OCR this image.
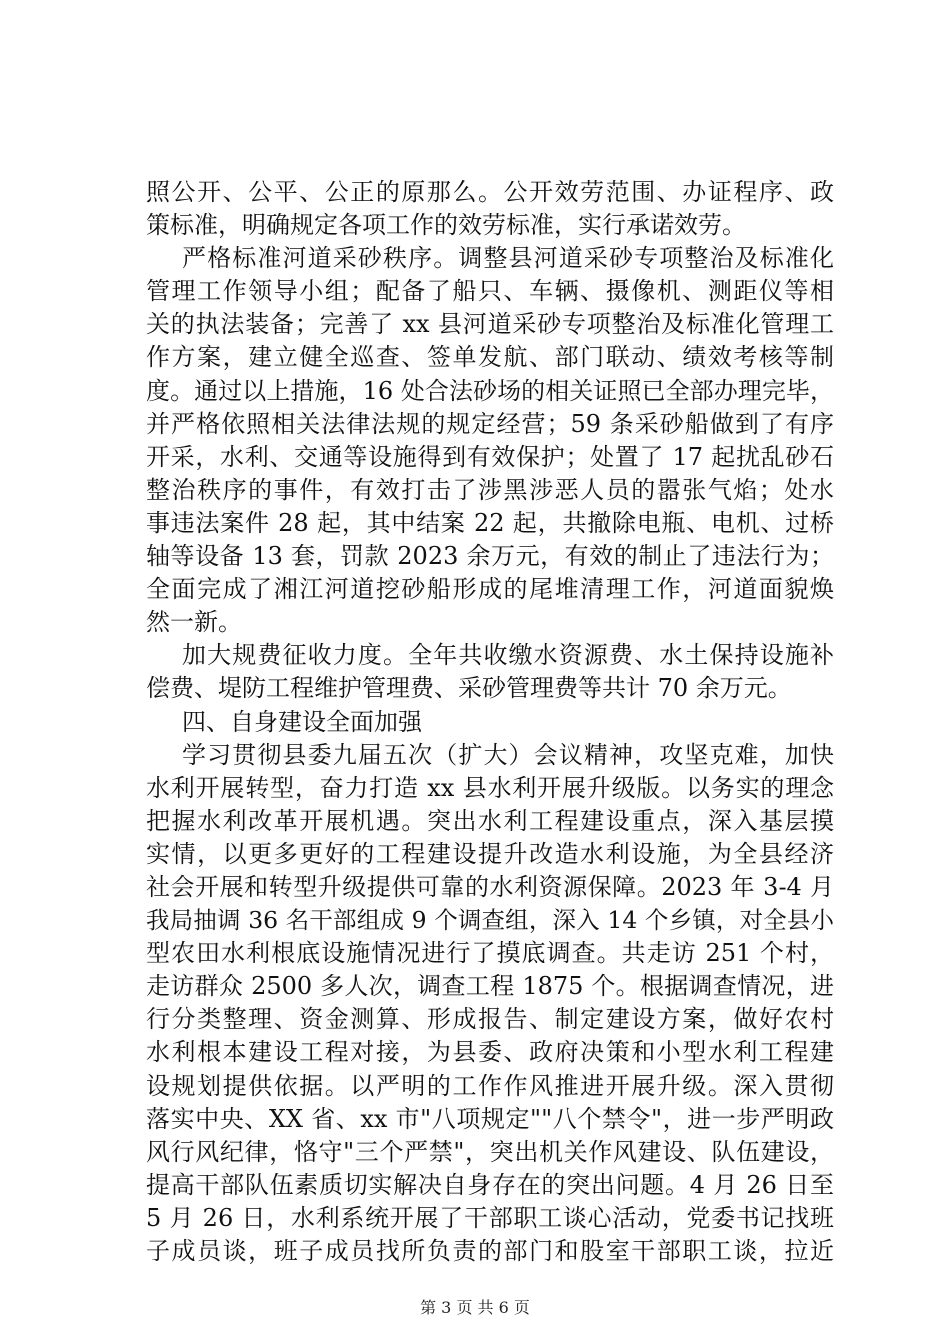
照公开、公平、公正的原那么。公开效劳范围、办证程序、政
策标准，明确规定各项工作的效劳标准，实行承诺效劳。
严格标准河道采砂秩序。调整县河道采砂专项整治及标准化
管理工作领导小组；配备了船只、车辆、摄像机、测距仪等相
关的执法装备；完善了 xx 县河道采砂专项整治及标准化管理工
作方案，建立健全巡查、签单发航、部门联动、绩效考核等制
度。通过以上措施，16 处合法砂场的相关证照已全部办理完毕，
并严格依照相关法律法规的规定经营；59 条采砂船做到了有序
开采，水利、交通等设施得到有效保护；处置了 17 起扰乱砂石
整治秩序的事件，有效打击了涉黑涉恶人员的嚣张气焰；处水
事违法案件 28 起，其中结案 22 起，共撤除电瓶、电机、过桥
轴等设备 13 套，罚款 2023 余万元，有效的制止了违法行为；
全面完成了湘江河道挖砂船形成的尾堆清理工作，河道面貌焕
然一新。
加大规费征收力度。全年共收缴水资源费、水土保持设施补
偿费、堤防工程维护管理费、采砂管理费等共计 70 余万元。
四、自身建设全面加强
学习贯彻县委九届五次（扩大）会议精神，攻坚克难，加快
水利开展转型，奋力打造 xx 县水利开展升级版。以务实的理念
把握水利改革开展机遇。突出水利工程建设重点，深入基层摸
实情，以更多更好的工程建设提升改造水利设施，为全县经济
社会开展和转型升级提供可靠的水利资源保障。2023 年 3-4 月
我局抽调 36 名干部组成 9 个调查组，深入 14 个乡镇，对全县小
型农田水利根底设施情况进行了摸底调查。共走访 251 个村，
走访群众 2500 多人次，调查工程 1875 个。根据调查情况，进
行分类整理、资金测算、形成报告、制定建设方案，做好农村
水利根本建设工程对接，为县委、政府决策和小型水利工程建
设规划提供依据。以严明的工作作风推进开展升级。深入贯彻
落实中央、XX 省、xx 市"八项规定""八个禁令"，进一步严明政
风行风纪律，恪守"三个严禁"，突出机关作风建设、队伍建设，
提高干部队伍素质切实解决自身存在的突出问题。4 月 26 日至
5 月 26 日，水利系统开展了干部职工谈心活动，党委书记找班
子成员谈，班子成员找所负责的部门和股室干部职工谈，拉近
第 3 页 共 6 页
